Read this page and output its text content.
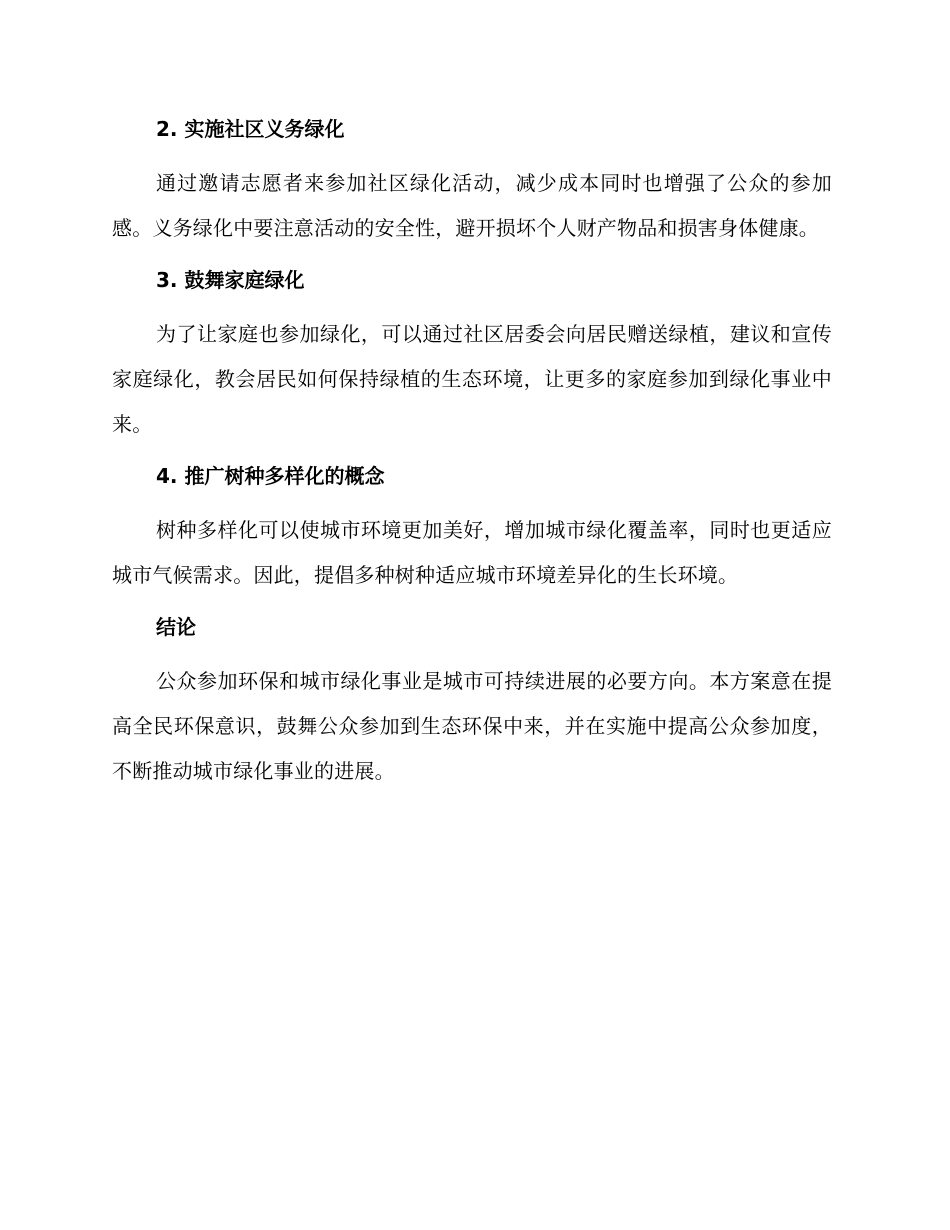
2. 实施社区义务绿化

通过邀请志愿者来参加社区绿化活动，减少成本同时也增强了公众的参加感。义务绿化中要注意活动的安全性，避开损坏个人财产物品和损害身体健康。

3. 鼓舞家庭绿化

为了让家庭也参加绿化，可以通过社区居委会向居民赠送绿植，建议和宣传家庭绿化，教会居民如何保持绿植的生态环境，让更多的家庭参加到绿化事业中来。

4. 推广树种多样化的概念

树种多样化可以使城市环境更加美好，增加城市绿化覆盖率，同时也更适应城市气候需求。因此，提倡多种树种适应城市环境差异化的生长环境。

结论

公众参加环保和城市绿化事业是城市可持续进展的必要方向。本方案意在提高全民环保意识，鼓舞公众参加到生态环保中来，并在实施中提高公众参加度，不断推动城市绿化事业的进展。
